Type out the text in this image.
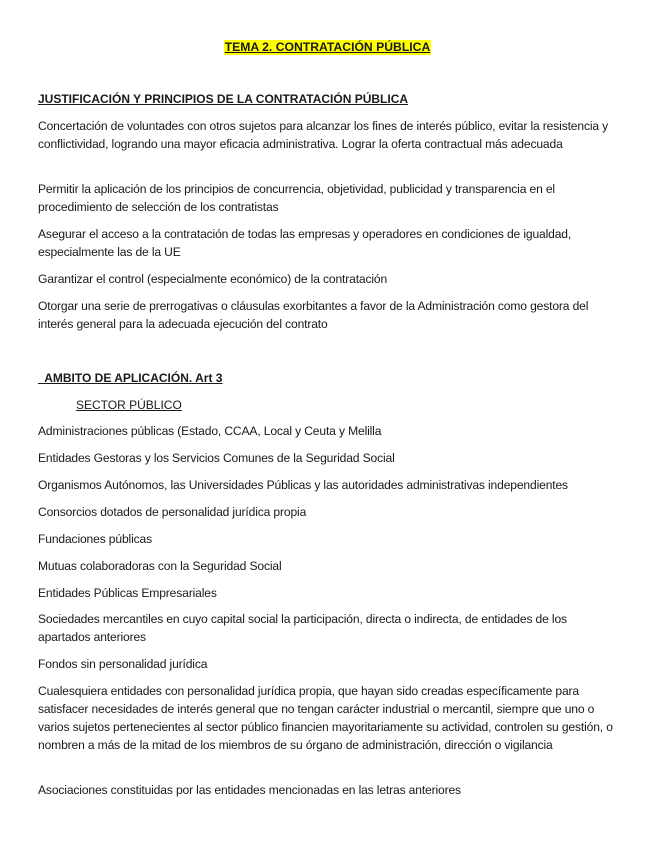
TEMA 2. CONTRATACIÓN PÚBLICA
JUSTIFICACIÓN Y PRINCIPIOS DE LA CONTRATACIÓN PÚBLICA
Concertación de voluntades con otros sujetos para alcanzar los fines de interés público, evitar la resistencia y conflictividad, logrando una mayor eficacia administrativa. Lograr la oferta contractual más adecuada
Permitir la aplicación de los principios de concurrencia, objetividad, publicidad y transparencia en el procedimiento de selección de los contratistas
Asegurar el acceso a la contratación de todas las empresas y operadores en condiciones de igualdad, especialmente las de la UE
Garantizar el control (especialmente económico) de la contratación
Otorgar una serie de prerrogativas o cláusulas exorbitantes a favor de la Administración como gestora del interés general para la adecuada ejecución del contrato
AMBITO DE APLICACIÓN. Art 3
SECTOR PÚBLICO
Administraciones públicas (Estado, CCAA, Local y Ceuta y Melilla
Entidades Gestoras y los Servicios Comunes de la Seguridad Social
Organismos Autónomos, las Universidades Públicas y las autoridades administrativas independientes
Consorcios dotados de personalidad jurídica propia
Fundaciones públicas
Mutuas colaboradoras con la Seguridad Social
Entidades Públicas Empresariales
Sociedades mercantiles en cuyo capital social la participación, directa o indirecta, de entidades de los apartados anteriores
Fondos sin personalidad jurídica
Cualesquiera entidades con personalidad jurídica propia, que hayan sido creadas específicamente para satisfacer necesidades de interés general que no tengan carácter industrial o mercantil, siempre que uno o varios sujetos pertenecientes al sector público financien mayoritariamente su actividad, controlen su gestión, o nombren a más de la mitad de los miembros de su órgano de administración, dirección o vigilancia
Asociaciones constituidas por las entidades mencionadas en las letras anteriores
